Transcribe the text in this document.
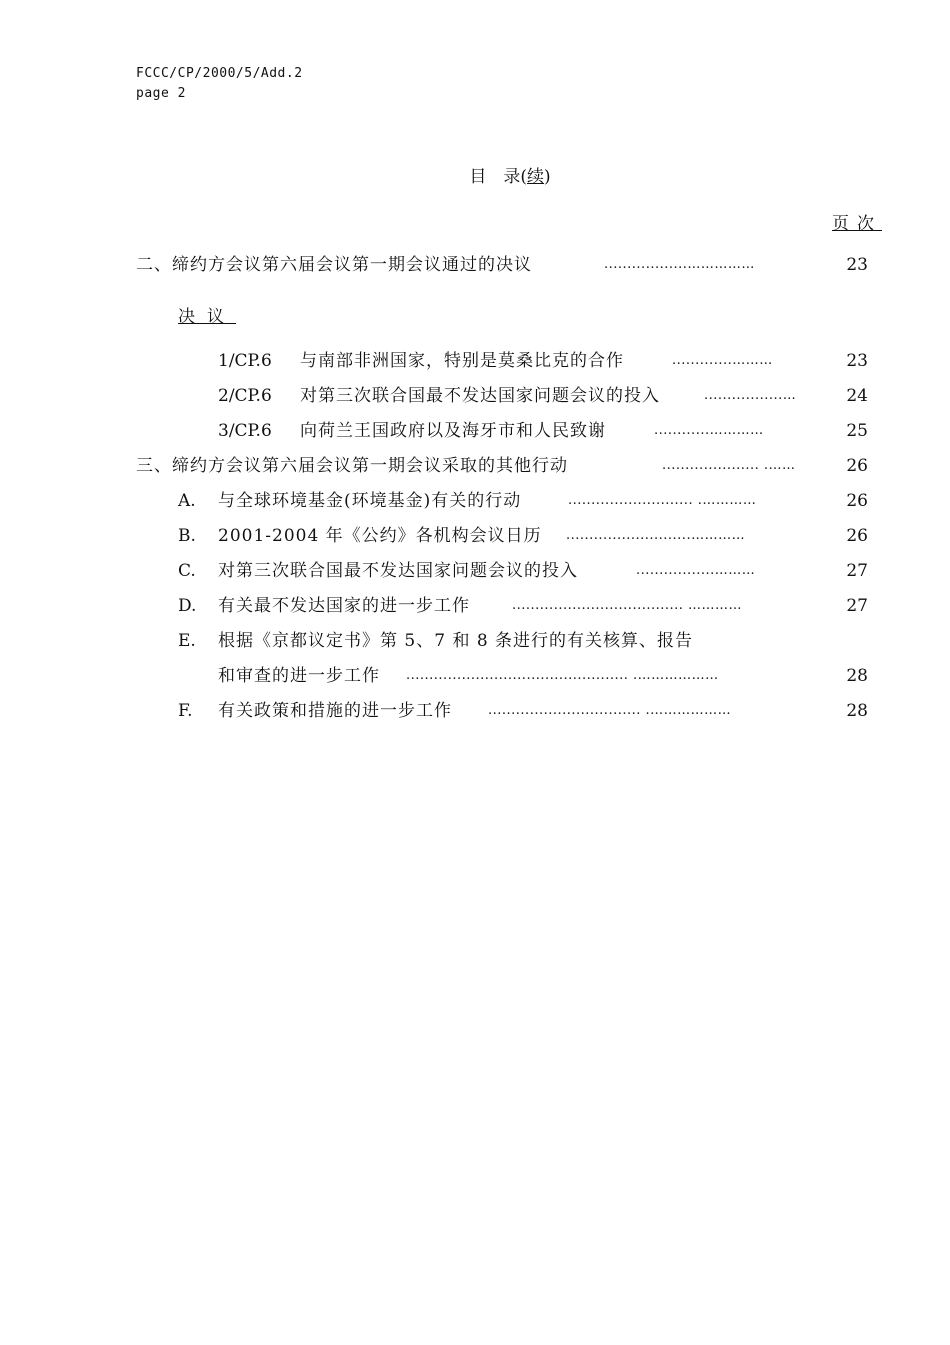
FCCC/CP/2000/5/Add.2
page 2
目　录(续)
页次
二、缔约方会议第六届会议第一期会议通过的决议	……………..................	23
决议
1/CP.6 与南部非洲国家，特别是莫桑比克的合作	……….............	23
2/CP.6 对第三次联合国最不发达国家问题会议的投入	….................	24
3/CP.6 向荷兰王国政府以及海牙市和人民致谢	…………............	25
三、缔约方会议第六届会议第一期会议采取的其他行动	……. .....................	26
A. 与全球环境基金(环境基金)有关的行动	…………. ...........................	26
B. 2001-2004 年《公约》各机构会议日历 …………...........................	26
C. 对第三次联合国最不发达国家问题会议的投入	……….................	27
D. 有关最不发达国家的进一步工作	………… .....................................	27
E. 根据《京都议定书》第 5、7 和 8 条进行的有关核算、报告
和审查的进一步工作 ………………. ................................................	28
F. 有关政策和措施的进一步工作	………………. .................................	28
